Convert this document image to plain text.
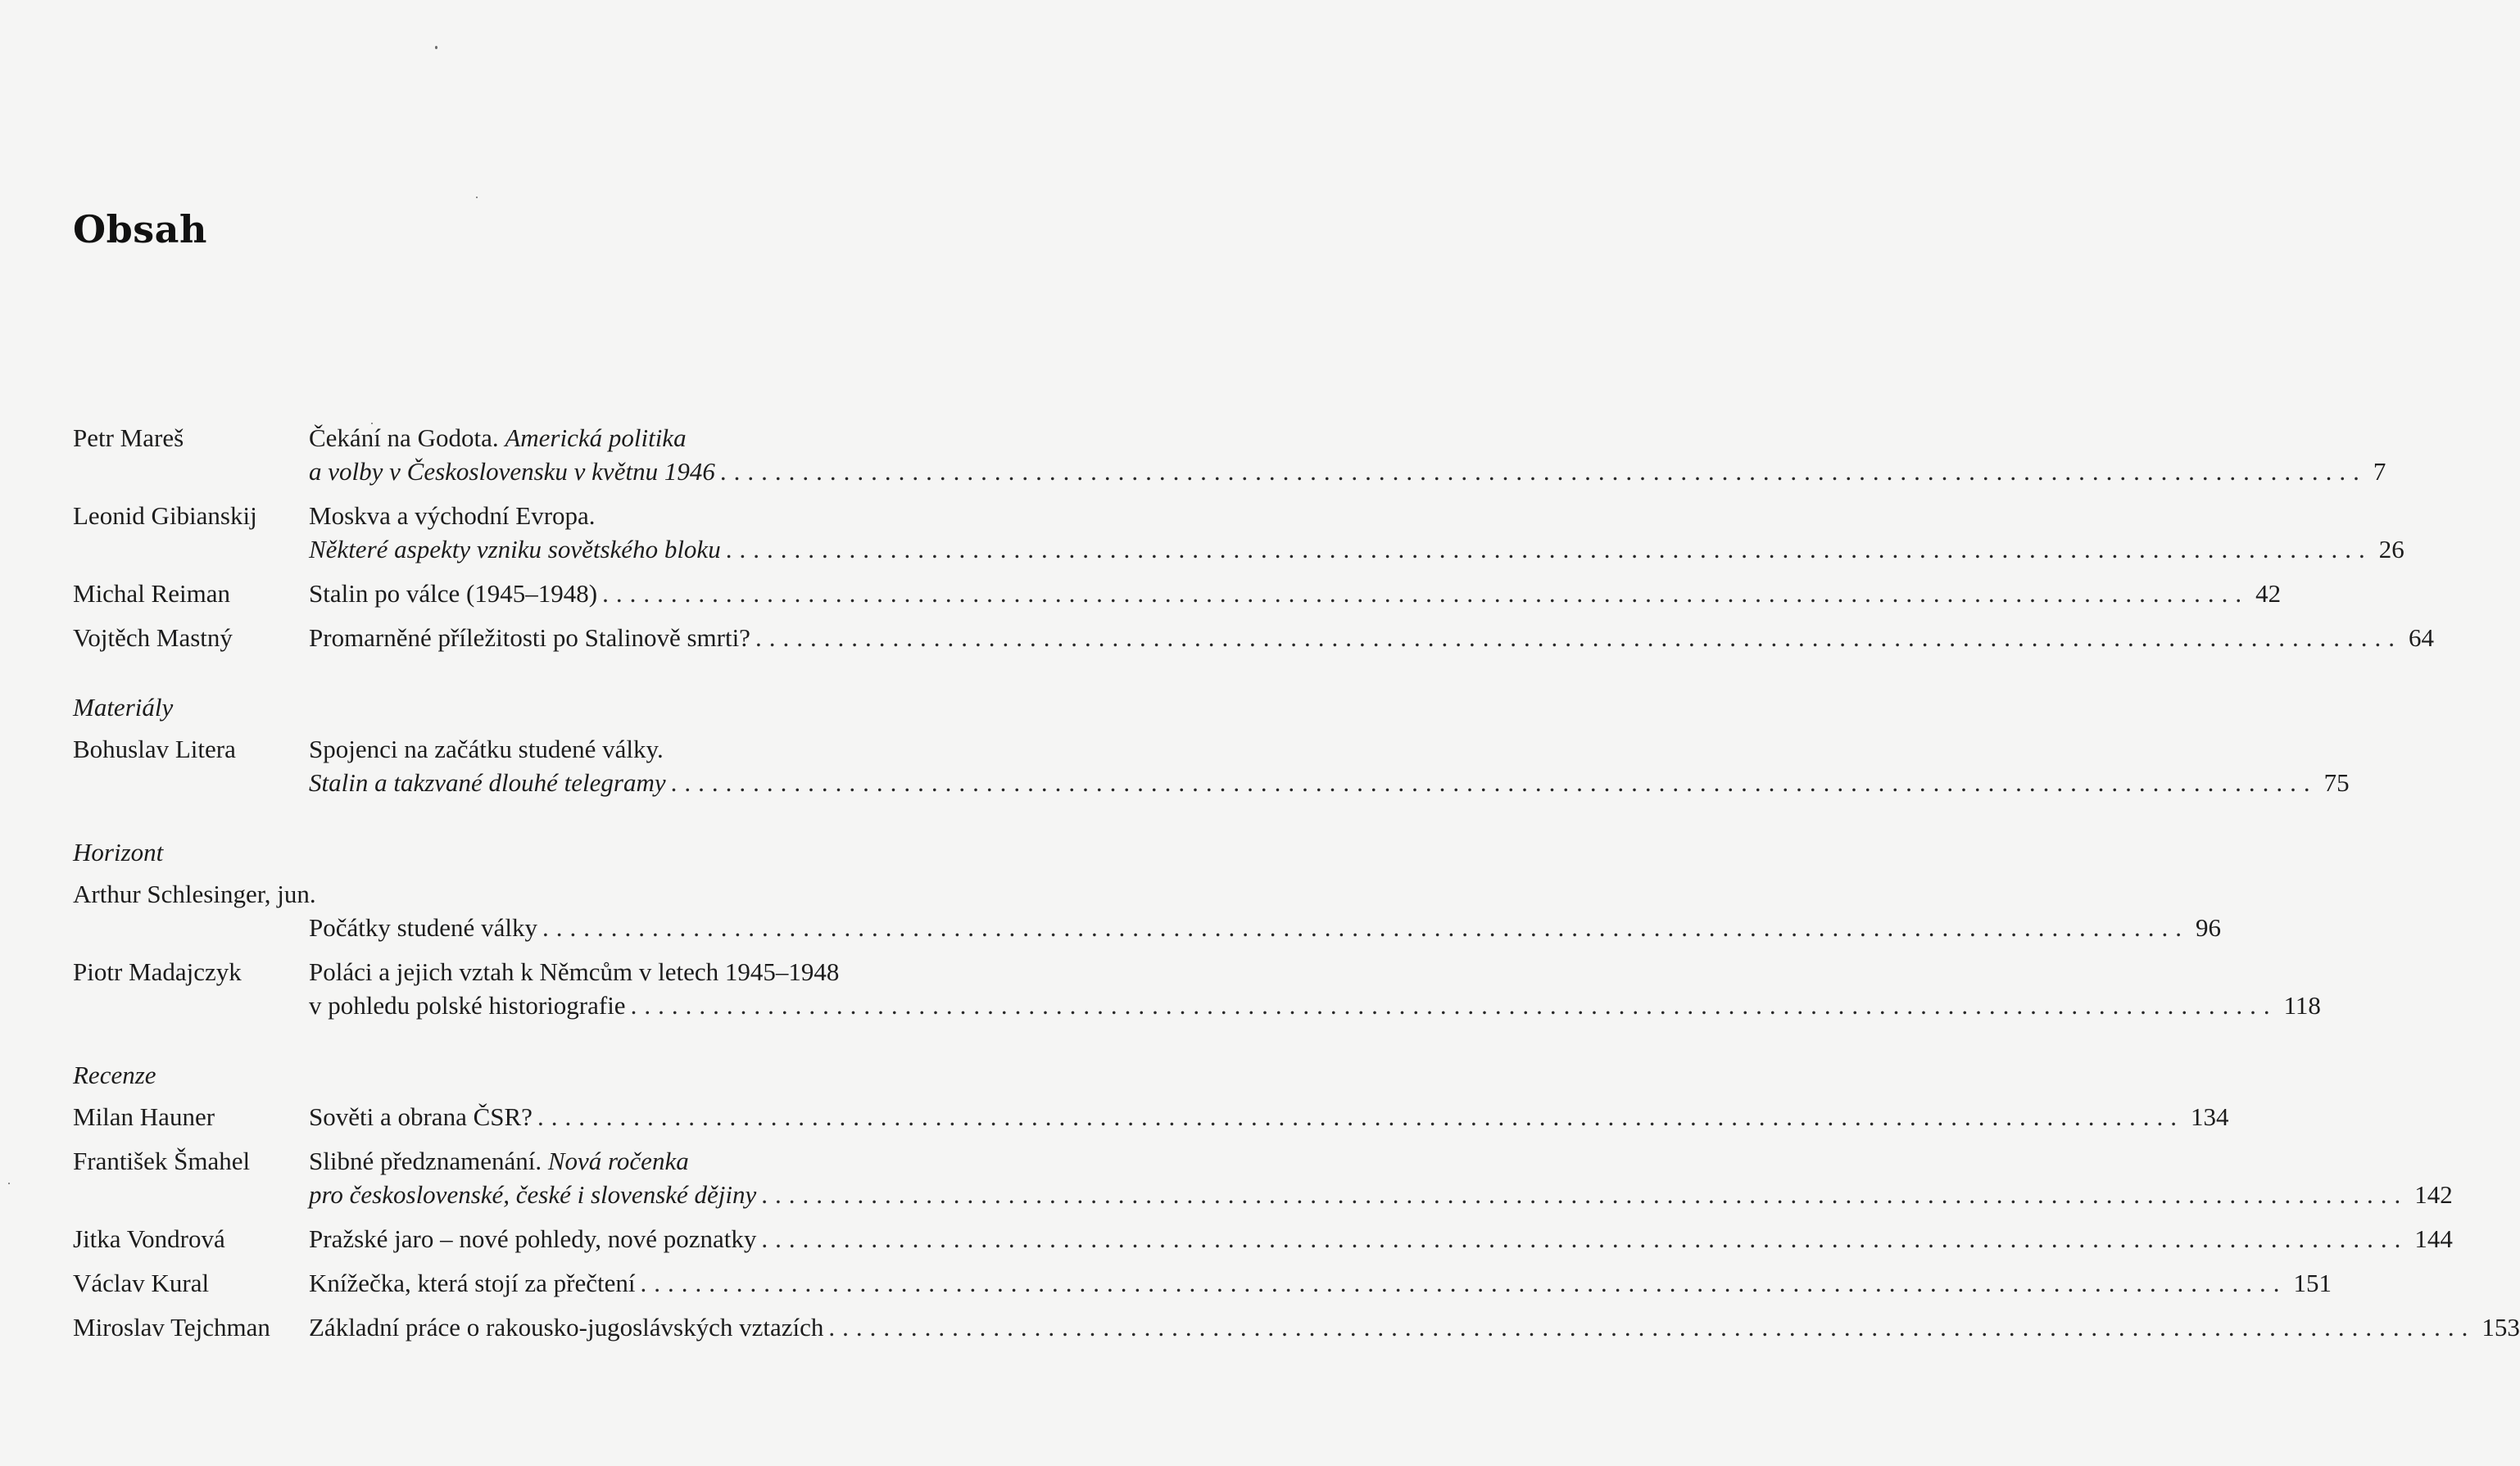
Obsah
Petr Mareš	Čekání na Godota. Americká politika
a volby v Československu v květnu 1946 ........................................................................................................................ 7
Leonid Gibianskij	Moskva a východní Evropa.
Některé aspekty vzniku sovětského bloku ........................................................................................................................ 26
Michal Reiman	Stalin po válce (1945–1948) ........................................................................................................................ 42
Vojtěch Mastný	Promarněné příležitosti po Stalinově smrti? ........................................................................................................................ 64
Materiály
Bohuslav Litera	Spojenci na začátku studené války.
Stalin a takzvané dlouhé telegramy ........................................................................................................................ 75
Horizont
Arthur Schlesinger, jun.
Počátky studené války ........................................................................................................................ 96
Piotr Madajczyk	Poláci a jejich vztah k Němcům v letech 1945–1948
v pohledu polské historiografie ........................................................................................................................ 118
Recenze
Milan Hauner	Sověti a obrana ČSR? ........................................................................................................................ 134
František Šmahel	Slibné předznamenání. Nová ročenka
pro československé, české i slovenské dějiny ........................................................................................................................ 142
Jitka Vondrová	Pražské jaro – nové pohledy, nové poznatky ........................................................................................................................ 144
Václav Kural	Knížečka, která stojí za přečtení ........................................................................................................................ 151
Miroslav Tejchman	Základní práce o rakousko-jugoslávských vztazích ........................................................................................................................ 153
